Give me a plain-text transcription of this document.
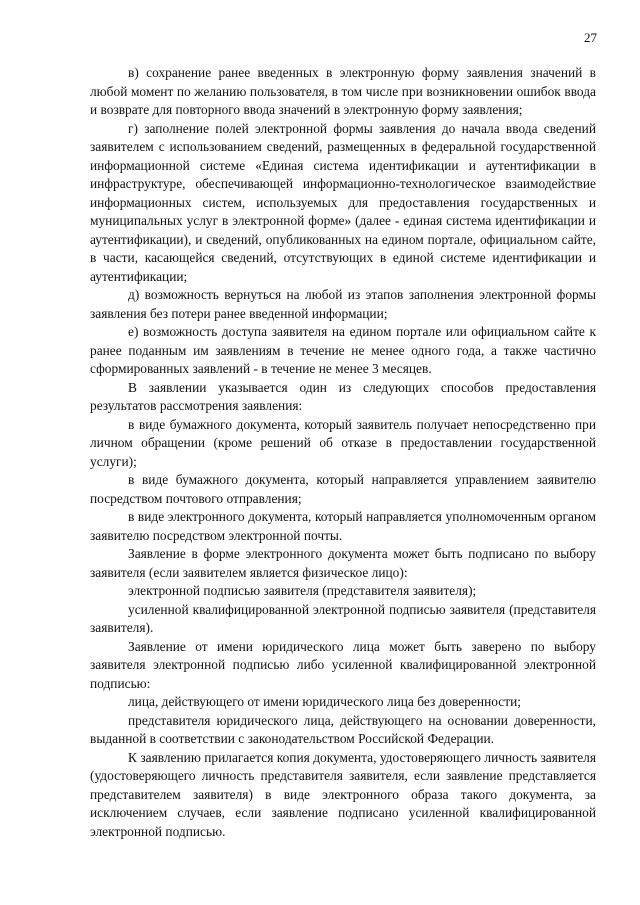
27

в) сохранение ранее введенных в электронную форму заявления значений в любой момент по желанию пользователя, в том числе при возникновении ошибок ввода и возврате для повторного ввода значений в электронную форму заявления;

г) заполнение полей электронной формы заявления до начала ввода сведений заявителем с использованием сведений, размещенных в федеральной государственной информационной системе «Единая система идентификации и аутентификации в инфраструктуре, обеспечивающей информационно-технологическое взаимодействие информационных систем, используемых для предоставления государственных и муниципальных услуг в электронной форме» (далее - единая система идентификации и аутентификации), и сведений, опубликованных на едином портале, официальном сайте, в части, касающейся сведений, отсутствующих в единой системе идентификации и аутентификации;

д) возможность вернуться на любой из этапов заполнения электронной формы заявления без потери ранее введенной информации;

е) возможность доступа заявителя на едином портале или официальном сайте к ранее поданным им заявлениям в течение не менее одного года, а также частично сформированных заявлений - в течение не менее 3 месяцев.

В заявлении указывается один из следующих способов предоставления результатов рассмотрения заявления:

в виде бумажного документа, который заявитель получает непосредственно при личном обращении (кроме решений об отказе в предоставлении государственной услуги);

в виде бумажного документа, который направляется управлением заявителю посредством почтового отправления;

в виде электронного документа, который направляется уполномоченным органом заявителю посредством электронной почты.

Заявление в форме электронного документа может быть подписано по выбору заявителя (если заявителем является физическое лицо):

электронной подписью заявителя (представителя заявителя);

усиленной квалифицированной электронной подписью заявителя (представителя заявителя).

Заявление от имени юридического лица может быть заверено по выбору заявителя электронной подписью либо усиленной квалифицированной электронной подписью:

лица, действующего от имени юридического лица без доверенности;

представителя юридического лица, действующего на основании доверенности, выданной в соответствии с законодательством Российской Федерации.

К заявлению прилагается копия документа, удостоверяющего личность заявителя (удостоверяющего личность представителя заявителя, если заявление представляется представителем заявителя) в виде электронного образа такого документа, за исключением случаев, если заявление подписано усиленной квалифицированной электронной подписью.
